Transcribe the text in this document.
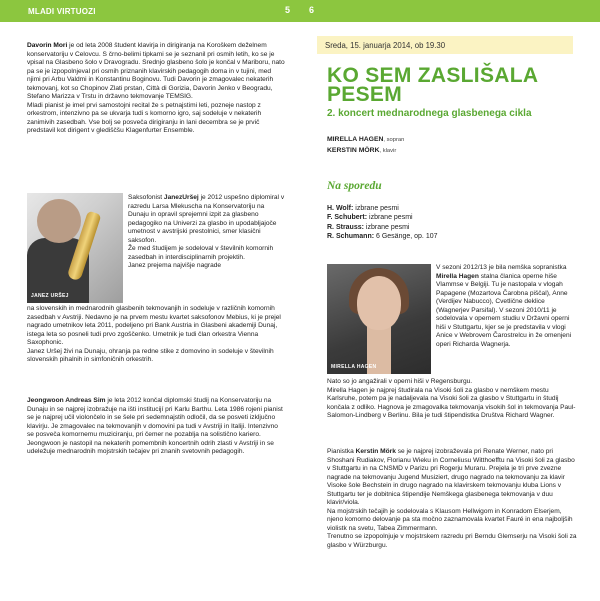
MLADI VIRTUOZI	5 6

Davorin Mori je od leta 2008 študent klavirja in dirigiranja na Koroškem deželnem konservatoriju v Celovcu. S črno-belimi tipkami se je seznanil pri osmih letih, ko se je vpisal na Glasbeno šolo v Dravogradu. Srednjo glasbeno šolo je končal v Mariboru, nato pa se je izpopolnjeval pri osmih priznanih klavirskih pedagogih doma in v tujini, med njimi pri Arbu Valdmi in Konstantinu Boginovu. Tudi Davorin je zmagovalec nekaterih tekmovanj, kot so Chopinov Zlati prstan, Città di Gorizia, Davorin Jenko v Beogradu, Stefano Marizza v Trstu in državno tekmovanje TEMSIG.

Mladi pianist je imel prvi samostojni recital že s petnajstimi leti, pozneje nastop z orkestrom, intenzivno pa se ukvarja tudi s komorno igro, saj sodeluje v nekaterih zanimivih zasedbah. Vse bolj se posveča dirigiranju in lani decembra se je prvič predstavil kot dirigent v glediščšu Klagenfurter Ensemble.

JANEZ URŠEJ

Saksofonist JanezUršej je 2012 uspešno diplomiral v razredu Larsa Mlekuscha na Konservatoriju na Dunaju in opravil sprejemni izpit za glasbeno pedagogiko na Univerzi za glasbo in upodabljajoče umetnost v avstrijski prestolnici, smer klasični saksofon.

Že med študijem je sodeloval v številnih komornih zasedbah in interdisciplinarnih projektih.

Janez prejema najvišje nagrade

na slovenskih in mednarodnih glasbenih tekmovanjih in sodeluje v različnih komornih zasedbah v Avstriji. Nedavno je na prvem mestu kvartet saksofonov Mebius, ki je prejel nagrado umetnikov leta 2011, podeljeno pri Bank Austria in Glasbeni akademiji Dunaj, istega leta so posneli tudi prvo zgoščenko. Umetnik je tudi član orkestra Vienna Saxophonic.

Janez Uršej živi na Dunaju, ohranja pa redne stike z domovino in sodeluje v številnih slovenskih pihalnih in simfoničnih orkestrih.

Jeongwoon Andreas Sim je leta 2012 končal diplomski študij na Konservatoriju na Dunaju in se najprej izobražuje na išti institucijí pri Karlu Barthu. Leta 1986 rojeni pianist se je najprej učil violončelo in se šele pri sedemnajstih odločil, da se posveti izključno klavirju. Je zmagovalec na tekmovanjih v domovini pa tudi v Avstriji in Italiji. Intenzivno se posveča komornemu muziciranju, pri čemer ne pozablja na solistično kariero. Jeongwoon je nastopil na nekaterih pomembnih koncertnih odrih zlasti v Avstriji in se udeležuje mednarodnih mojstrskih tečajev pri znanih svetovnih pedagogih.

Sreda, 15. januarja 2014, ob 19.30
KO SEM ZASLIŠALA PESEM
2. koncert mednarodnega glasbenega cikla
MIRELLA HAGEN, sopran
KERSTIN MÖRK, klavir
Na sporedu
H. Wolf: izbrane pesmi
F. Schubert: izbrane pesmi
R. Strauss: izbrane pesmi
R. Schumann: 6 Gesänge, op. 107
MIRELLA HAGEN

V sezoni 2012/13 je bila nemška sopranistka Mirella Hagen stalna članica operne hiše Vlammse v Belgiji. Tu je nastopala v vlogah Papagene (Mozartova Čarobna piščal), Anne (Verdijev Nabucco), Cvetlične deklice (Wagnerjev Parsifal). V sezoni 2010/11 je sodelovala v opernem studiu v Državni operni hiši v Stuttgartu, kjer se je predstavila v vlogi Anice v Webrovem Čarostrelcu in že omenjeni operi Richarda Wagnerja.

Nato so jo angažirali v operni hiši v Regensburgu.

Mirella Hagen je najprej študirala na Visoki šoli za glasbo v nemškem mestu Karlsruhe, potem pa je nadaljevala na Visoki šoli za glasbo v Stuttgartu in študij končala z odliko. Hagnova je zmagovalka tekmovanja visokih šol in tekmovanja Paul-Salomon-Lindberg v Berlinu. Bila je tudi štipendistka Društva Richard Wagner.

Pianistka Kerstin Mörk se je najprej izobraževala pri Renate Werner, nato pri Shoshani Rudiakov, Florianu Wieku in Corneliusu Witthoefftu na Visoki šoli za glasbo v Stuttgartu in na CNSMD v Parizu pri Rogerju Muraru. Prejela je tri prve zvezne nagrade na tekmovanju Jugend Musiziert, drugo nagrado na tekmovanju za klavir Visoke šole Bechstein in drugo nagrado na klavirskem tekmovanju kluba Lions v Stuttgartu ter je dobitnica štipendije Nemškega glasbenega tekmovanja v duu klavir/viola.

Na mojstrskih tečajih je sodelovala s Klausom Hellwigom in Konradom Elserjem, njeno komorno delovanje pa sta močno zaznamovala kvartet Fauré in ena najboljših violistk na svetu, Tabea Zimmermann.

Trenutno se izpopolnjuje v mojstrskem razredu pri Berndu Glemserju na Visoki šoli za glasbo v Würzburgu.
